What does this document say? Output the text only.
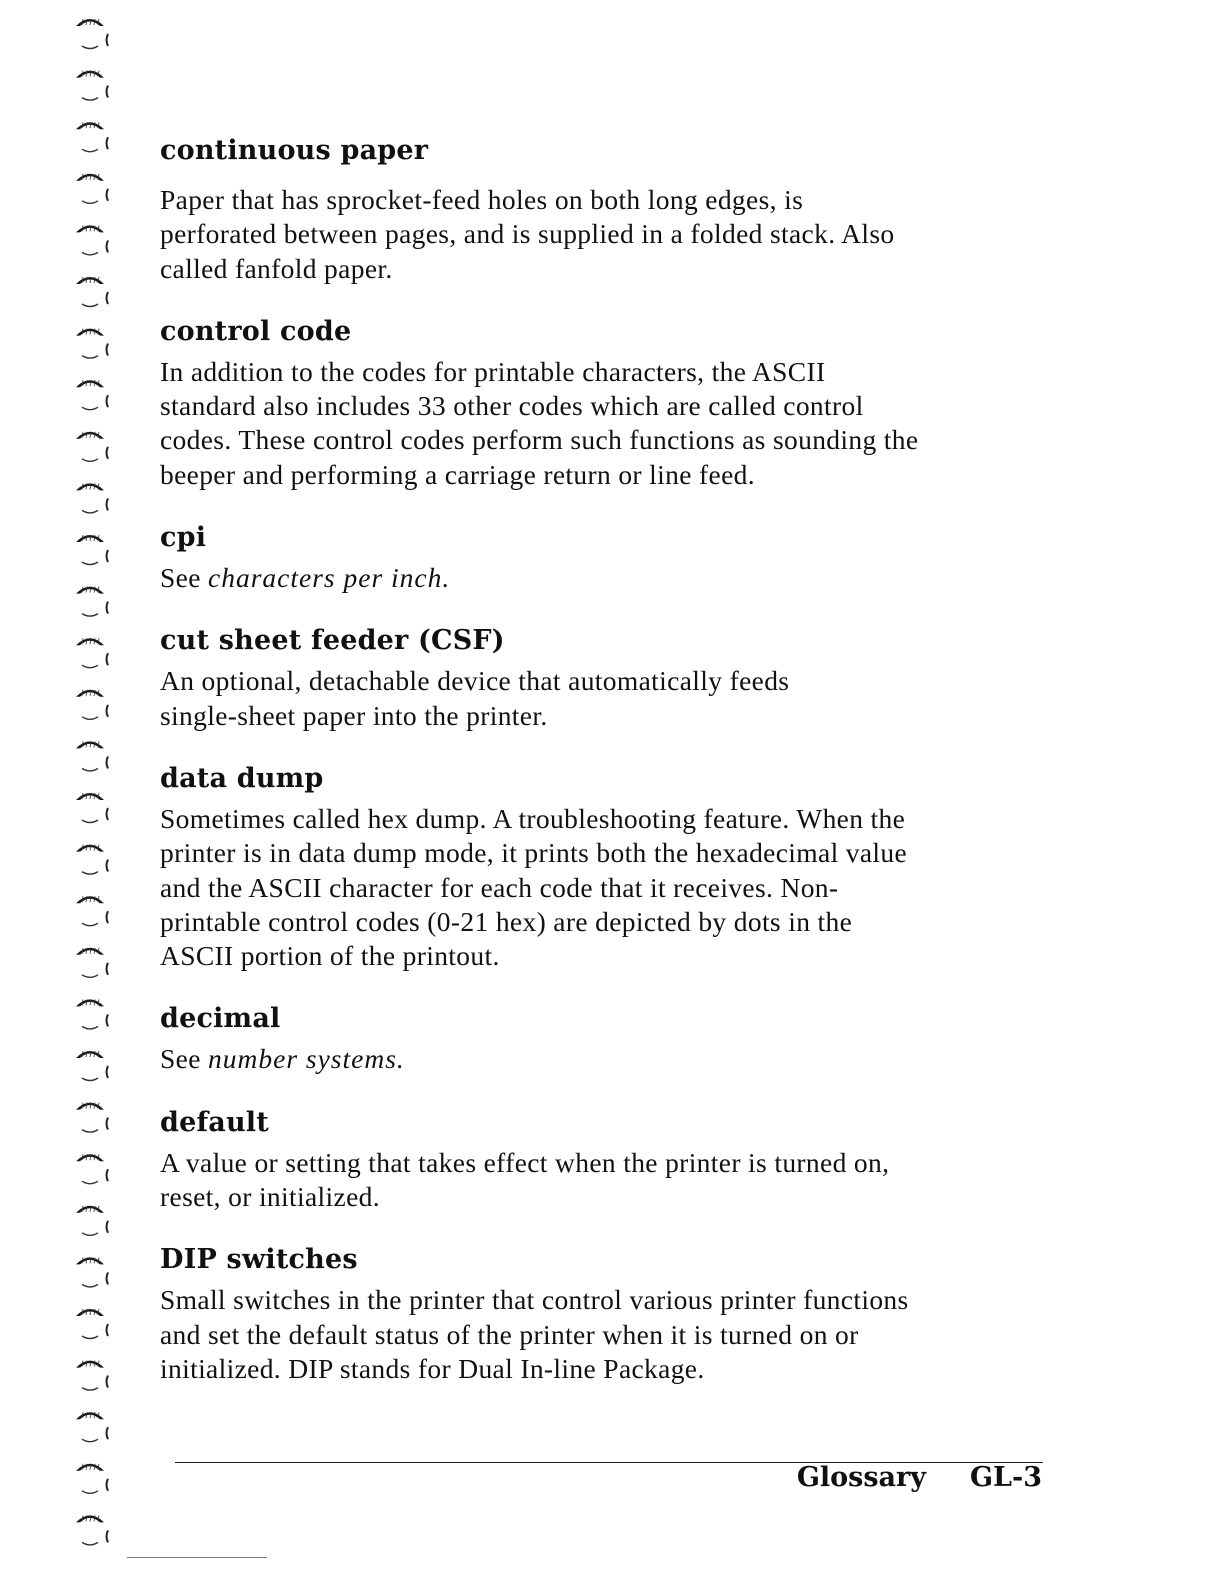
continuous paper
Paper that has sprocket-feed holes on both long edges, is
perforated between pages, and is supplied in a folded stack. Also
called fanfold paper.
control code
In addition to the codes for printable characters, the ASCII
standard also includes 33 other codes which are called control
codes. These control codes perform such functions as sounding the
beeper and performing a carriage return or line feed.
cpi
See characters per inch.
cut sheet feeder (CSF)
An optional, detachable device that automatically feeds
single-sheet paper into the printer.
data dump
Sometimes called hex dump. A troubleshooting feature. When the
printer is in data dump mode, it prints both the hexadecimal value
and the ASCII character for each code that it receives. Non-
printable control codes (0-21 hex) are depicted by dots in the
ASCII portion of the printout.
decimal
See number systems.
default
A value or setting that takes effect when the printer is turned on,
reset, or initialized.
DIP switches
Small switches in the printer that control various printer functions
and set the default status of the printer when it is turned on or
initialized. DIP stands for Dual In-line Package.
Glossary GL-3
